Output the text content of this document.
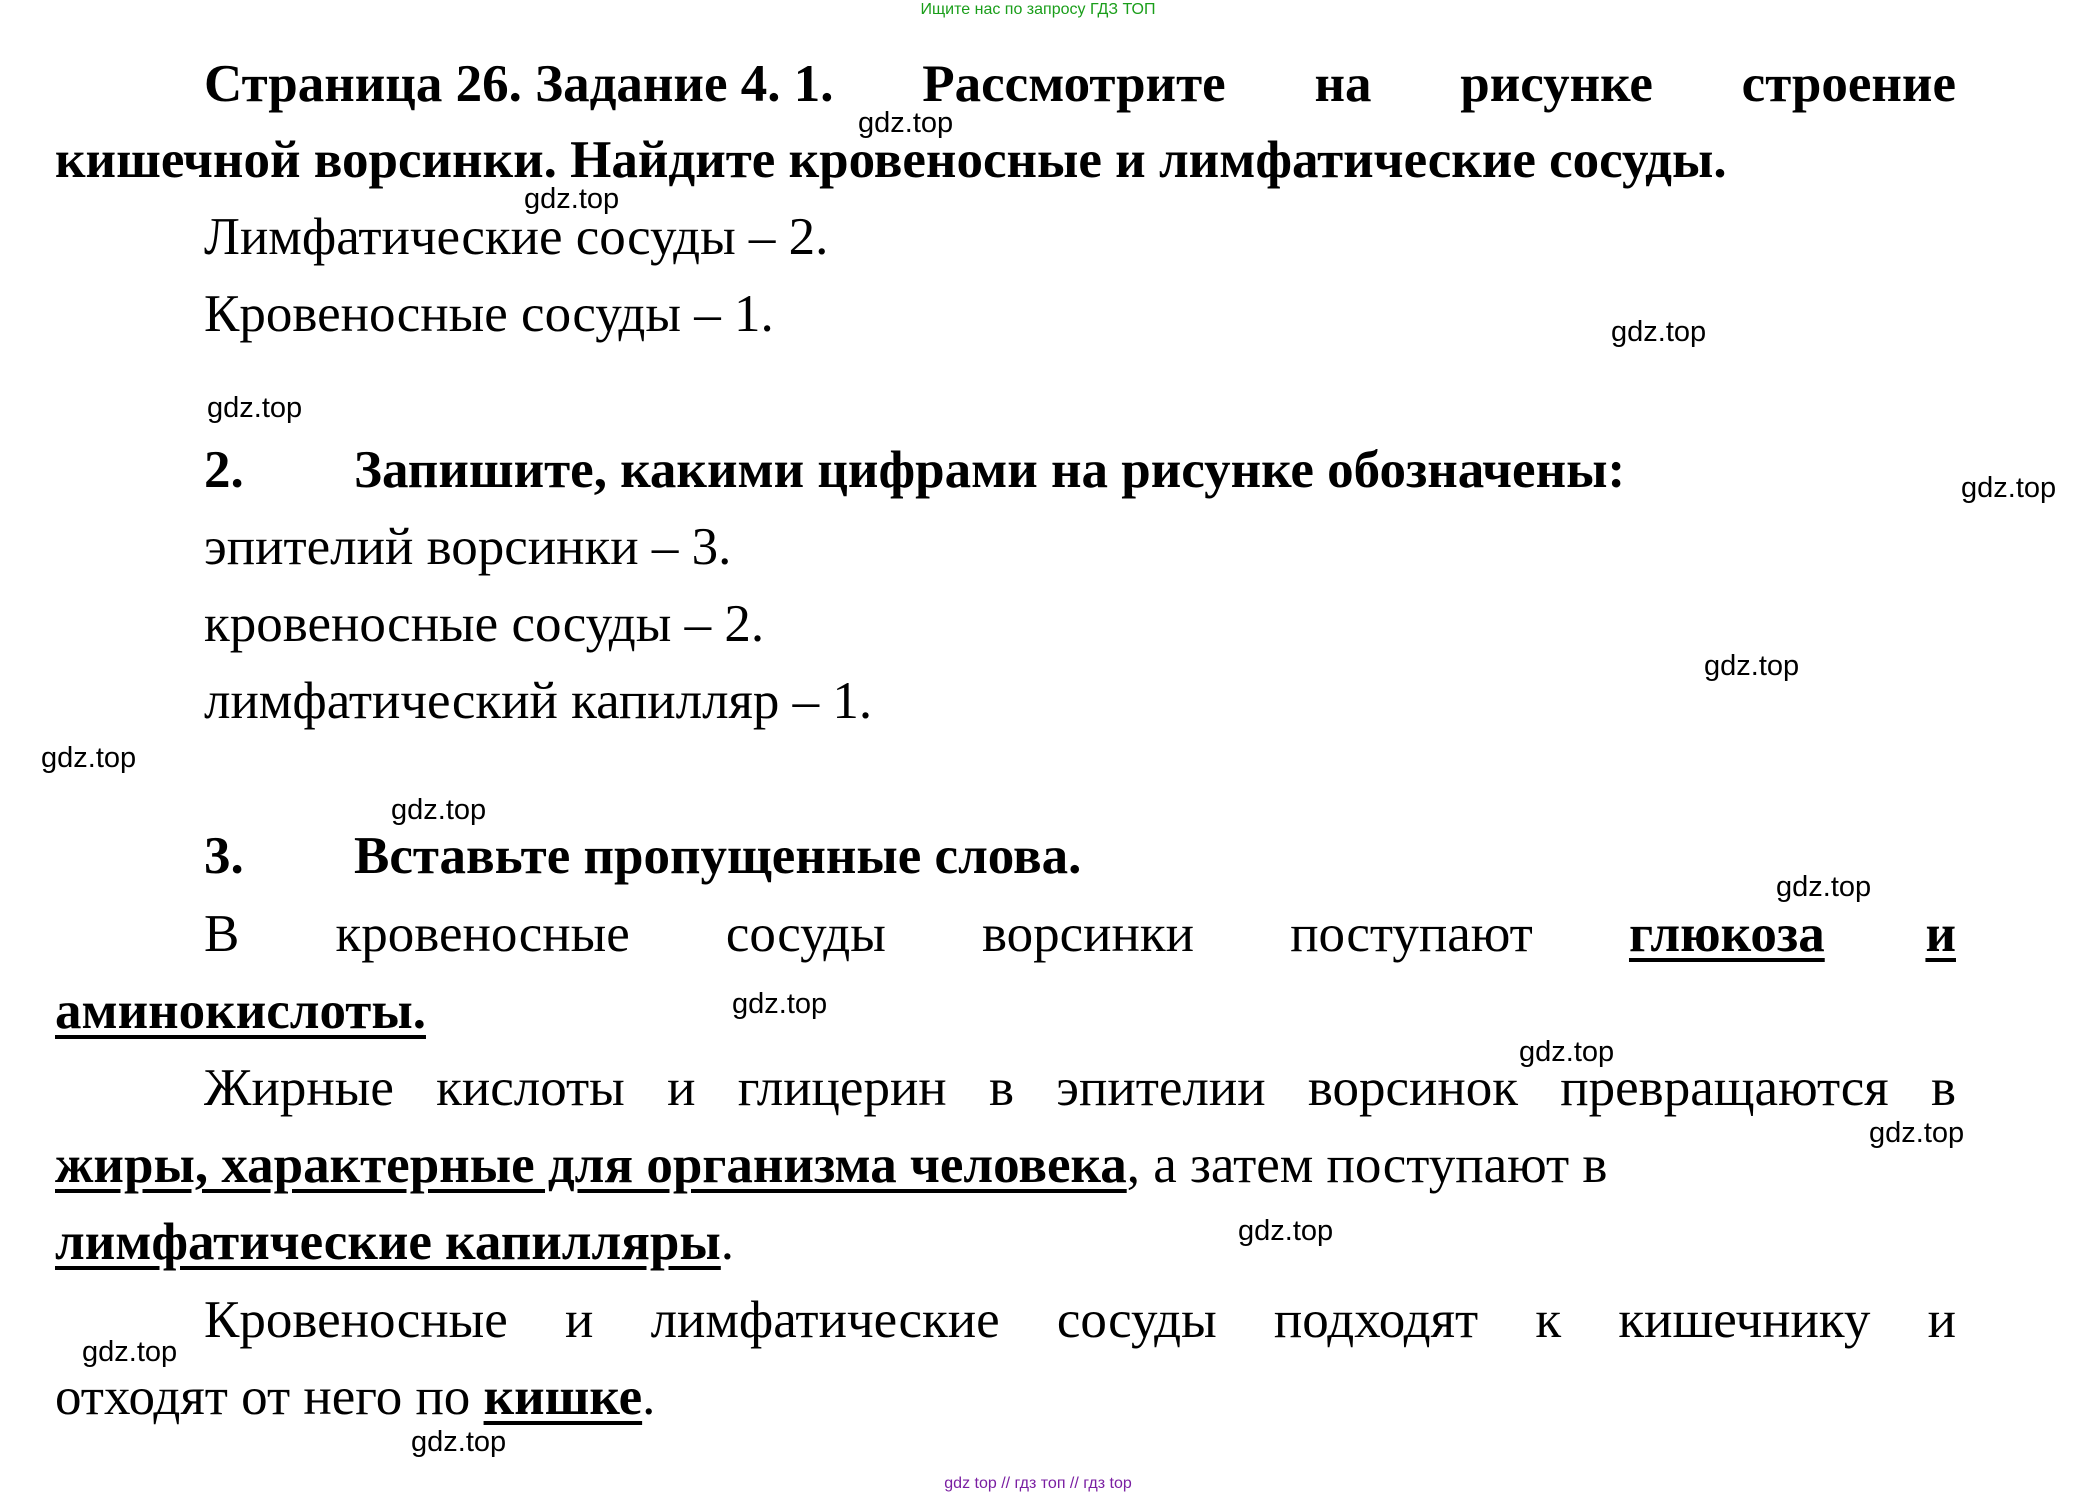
Ищите нас по запросу ГДЗ ТОП
Страница 26. Задание 4. 1. Рассмотрите на рисунке строение
кишечной ворсинки. Найдите кровеносные и лимфатические сосуды.
Лимфатические сосуды – 2.
Кровеносные сосуды – 1.
2. Запишите, какими цифрами на рисунке обозначены:
эпителий ворсинки – 3.
кровеносные сосуды – 2.
лимфатический капилляр – 1.
3. Вставьте пропущенные слова.
В кровеносные сосуды ворсинки поступают глюкоза и
аминокислоты.
Жирные кислоты и глицерин в эпителии ворсинок превращаются в
жиры, характерные для организма человека, а затем поступают в
лимфатические капилляры.
Кровеносные и лимфатические сосуды подходят к кишечнику и
отходят от него по кишке.
gdz.top
gdz.top
gdz.top
gdz.top
gdz.top
gdz.top
gdz.top
gdz.top
gdz.top
gdz.top
gdz.top
gdz.top
gdz.top
gdz.top
gdz.top
gdz top // гдз топ // гдз top
